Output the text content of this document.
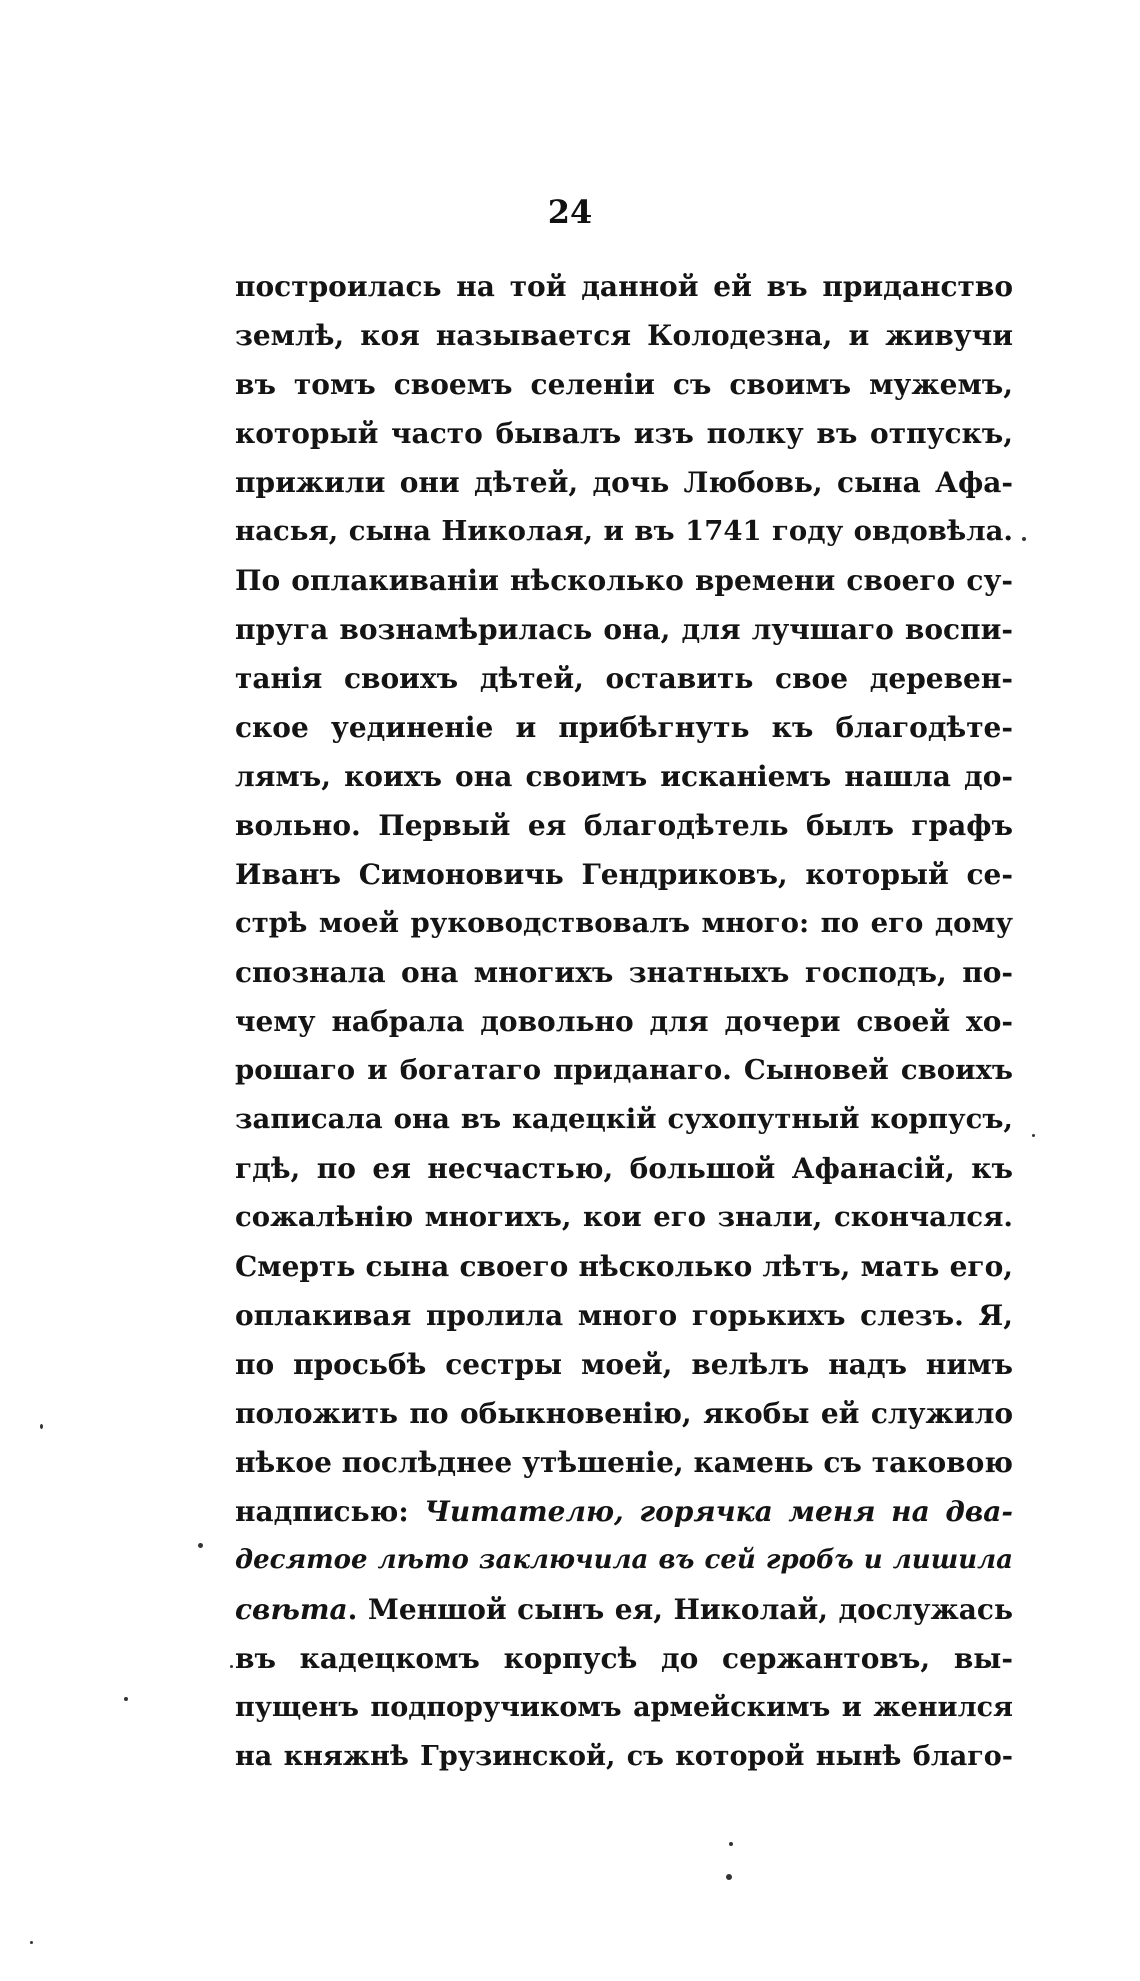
24
построилась на той данной ей въ приданство
землѣ, коя называется Колодезна, и живучи
въ томъ своемъ селенiи съ своимъ мужемъ,
который часто бывалъ изъ полку въ отпускъ,
прижили они дѣтей, дочь Любовь, сына Афа-
насья, сына Николая, и въ 1741 году овдовѣла.
По оплакиванiи нѣсколько времени своего су-
пруга вознамѣрилась она, для лучшаго воспи-
танiя своихъ дѣтей, оставить свое деревен-
ское уединенiе и прибѣгнуть къ благодѣте-
лямъ, коихъ она своимъ исканiемъ нашла до-
вольно. Первый ея благодѣтель былъ графъ
Иванъ Симоновичь Гендриковъ, который се-
стрѣ моей руководствовалъ много: по его дому
спознала она многихъ знатныхъ господъ, по-
чему набрала довольно для дочери своей хо-
рошаго и богатаго приданаго. Сыновей своихъ
записала она въ кадецкiй сухопутный корпусъ,
гдѣ, по ея несчастью, большой Афанасiй, къ
сожалѣнiю многихъ, кои его знали, скончался.
Смерть сына своего нѣсколько лѣтъ, мать его,
оплакивая пролила много горькихъ слезъ. Я,
по просьбѣ сестры моей, велѣлъ надъ нимъ
положить по обыкновенiю, якобы ей служило
нѣкое послѣднее утѣшенiе, камень съ таковою
надписью: Читателю, горячка меня на два-
десятое лѣто заключила въ сей гробъ и лишила
свѣта. Меншой сынъ ея, Николай, дослужась
въ кадецкомъ корпусѣ до сержантовъ, вы-
пущенъ подпоручикомъ армейскимъ и женился
на княжнѣ Грузинской, съ которой нынѣ благо-
